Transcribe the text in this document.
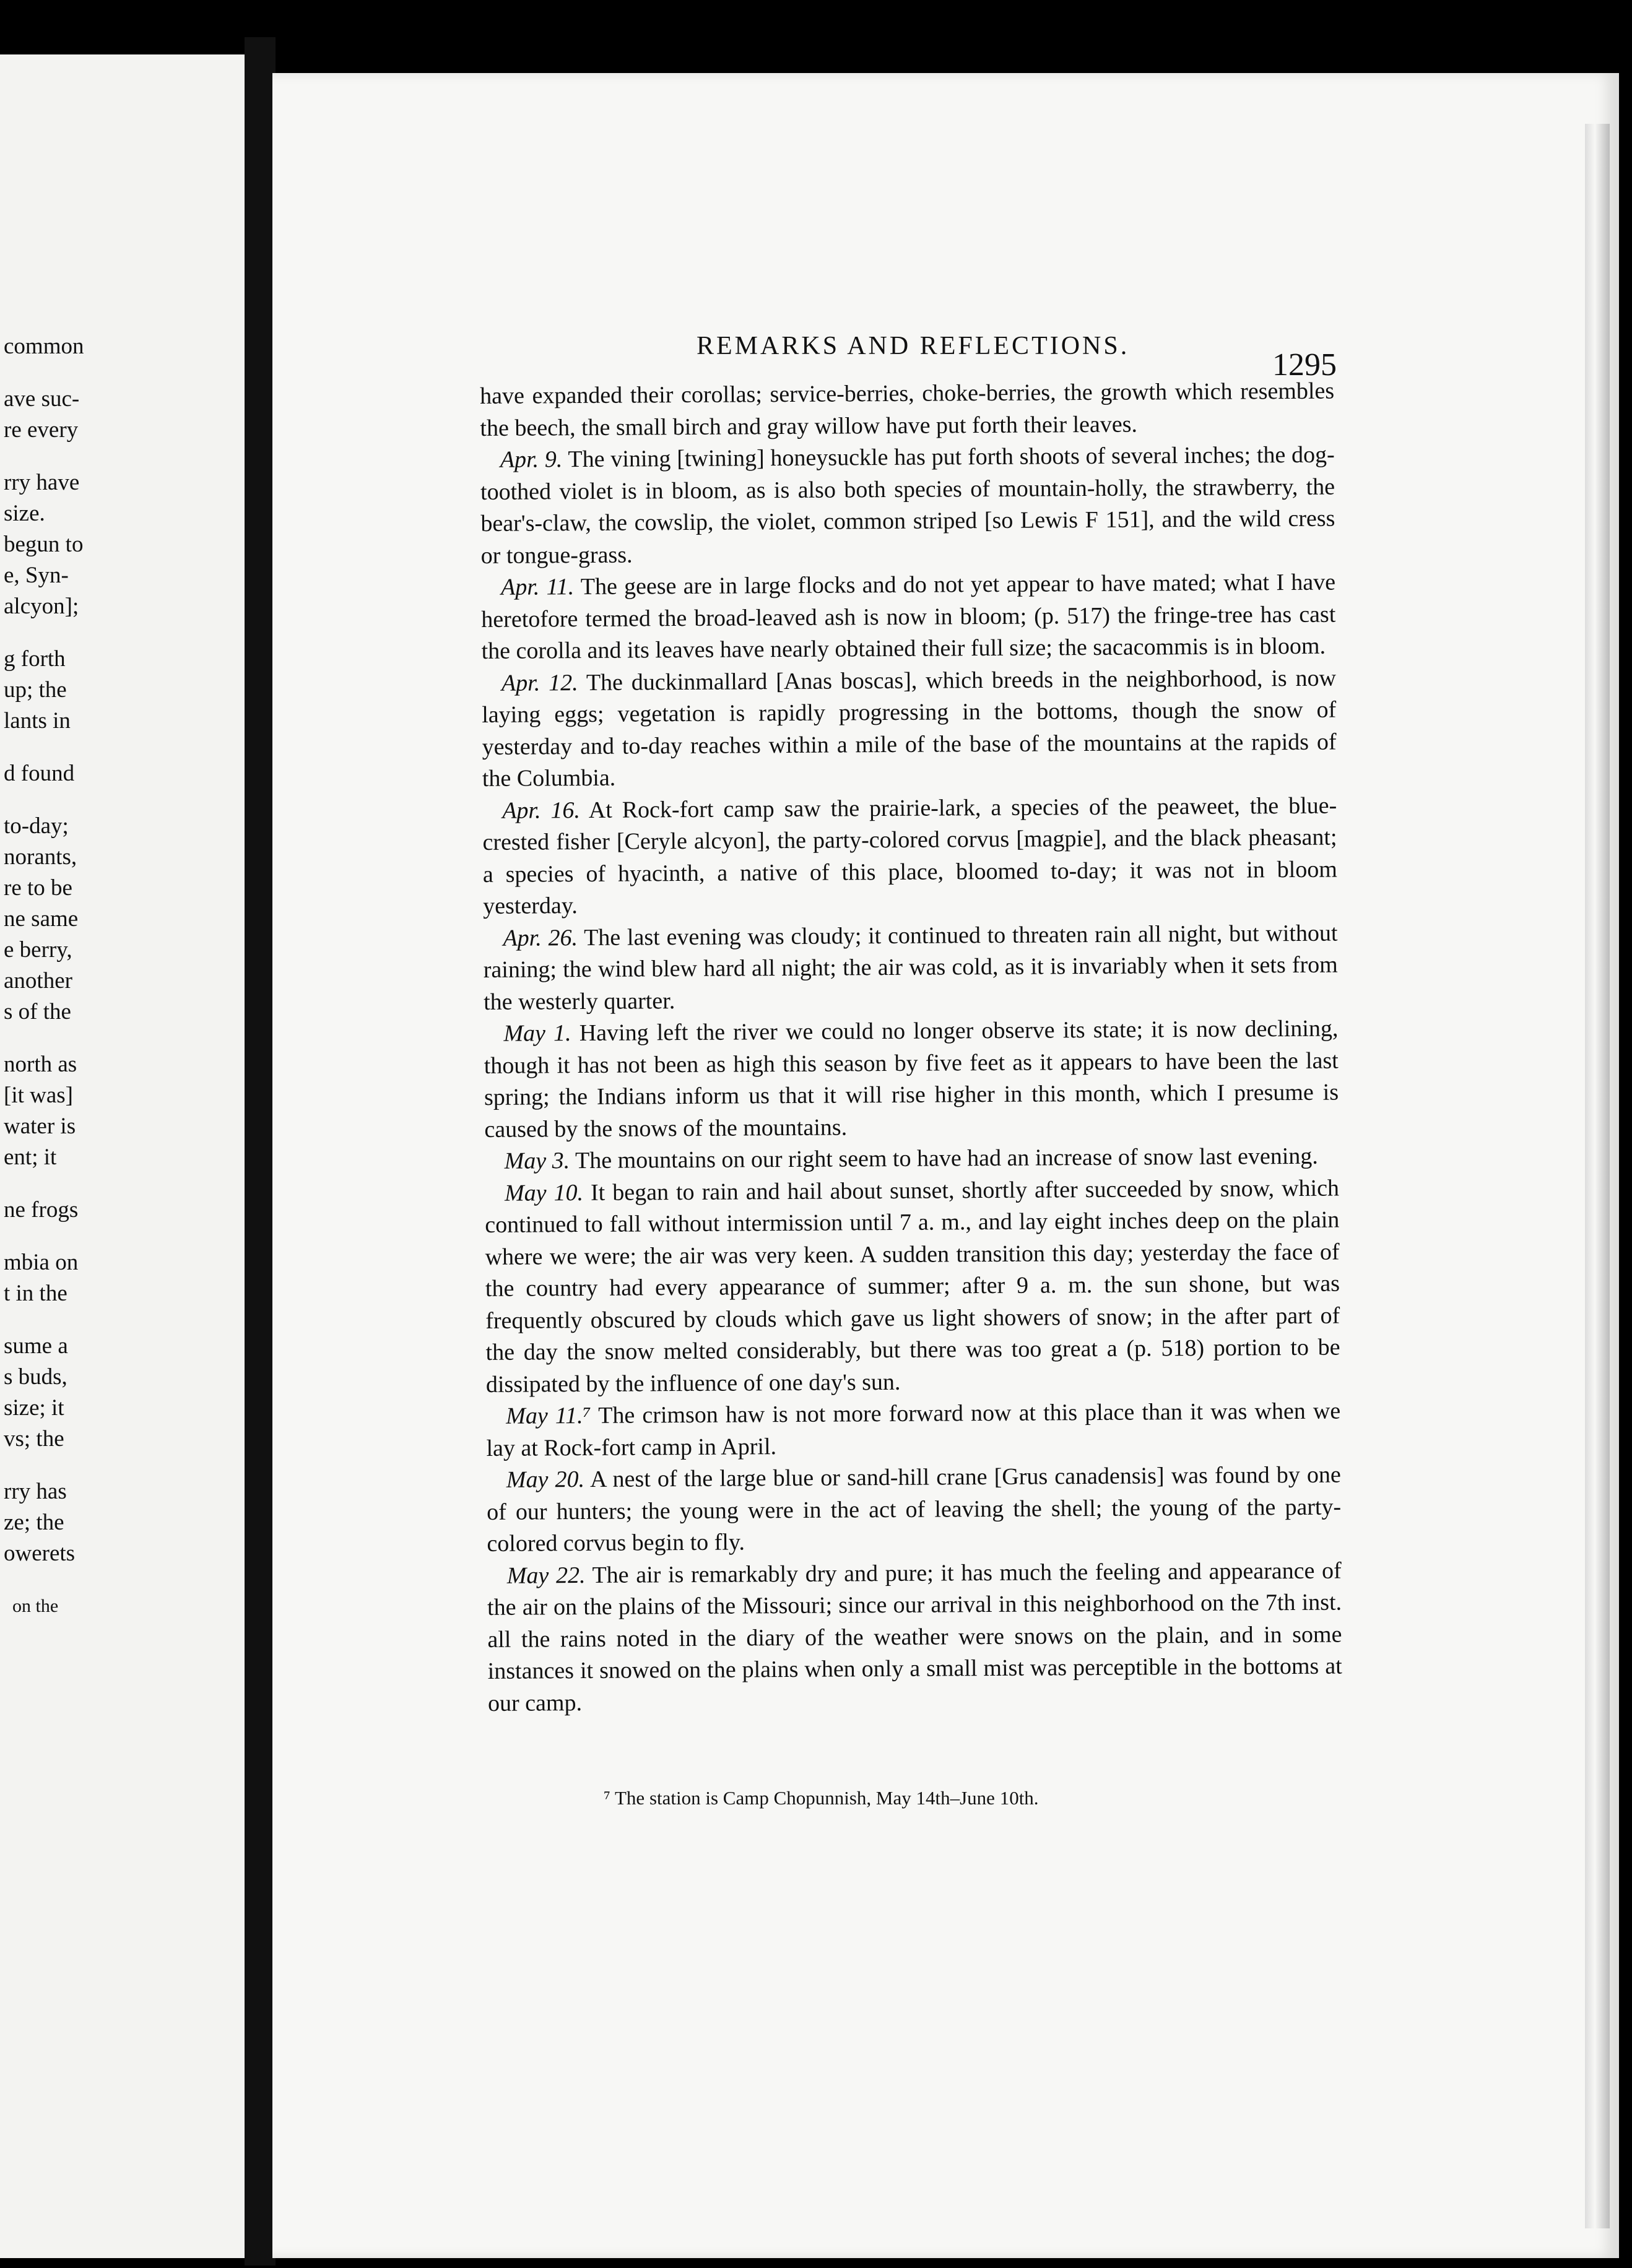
common
ave suc-
re every
rry have
size.
begun to
e, Syn-
alcyon];
g forth
up; the
lants in
d found
to-day;
norants,
re to be
ne same
e berry,
another
s of the
north as
[it was]
water is
ent; it
ne frogs
mbia on
t in the
sume a
s buds,
size; it
vs; the
rry has
ze; the
owerets
on the
REMARKS AND REFLECTIONS.
1295

have expanded their corollas; service-berries, choke-berries, the growth which resembles the beech, the small birch and gray willow have put forth their leaves.

Apr. 9. The vining [twining] honeysuckle has put forth shoots of several inches; the dog-toothed violet is in bloom, as is also both species of mountain-holly, the strawberry, the bear's-claw, the cowslip, the violet, common striped [so Lewis F 151], and the wild cress or tongue-grass.

Apr. 11. The geese are in large flocks and do not yet appear to have mated; what I have heretofore termed the broad-leaved ash is now in bloom; (p. 517) the fringe-tree has cast the corolla and its leaves have nearly obtained their full size; the sacacommis is in bloom.

Apr. 12. The duckinmallard [Anas boscas], which breeds in the neighborhood, is now laying eggs; vegetation is rapidly progressing in the bottoms, though the snow of yesterday and to-day reaches within a mile of the base of the mountains at the rapids of the Columbia.

Apr. 16. At Rock-fort camp saw the prairie-lark, a species of the peaweet, the blue-crested fisher [Ceryle alcyon], the party-colored corvus [magpie], and the black pheasant; a species of hyacinth, a native of this place, bloomed to-day; it was not in bloom yesterday.

Apr. 26. The last evening was cloudy; it continued to threaten rain all night, but without raining; the wind blew hard all night; the air was cold, as it is invariably when it sets from the westerly quarter.

May 1. Having left the river we could no longer observe its state; it is now declining, though it has not been as high this season by five feet as it appears to have been the last spring; the Indians inform us that it will rise higher in this month, which I presume is caused by the snows of the mountains.

May 3. The mountains on our right seem to have had an increase of snow last evening.

May 10. It began to rain and hail about sunset, shortly after succeeded by snow, which continued to fall without intermission until 7 a. m., and lay eight inches deep on the plain where we were; the air was very keen. A sudden transition this day; yesterday the face of the country had every appearance of summer; after 9 a. m. the sun shone, but was frequently obscured by clouds which gave us light showers of snow; in the after part of the day the snow melted considerably, but there was too great a (p. 518) portion to be dissipated by the influence of one day's sun.

May 11.⁷ The crimson haw is not more forward now at this place than it was when we lay at Rock-fort camp in April.

May 20. A nest of the large blue or sand-hill crane [Grus canadensis] was found by one of our hunters; the young were in the act of leaving the shell; the young of the party-colored corvus begin to fly.

May 22. The air is remarkably dry and pure; it has much the feeling and appearance of the air on the plains of the Missouri; since our arrival in this neighborhood on the 7th inst. all the rains noted in the diary of the weather were snows on the plain, and in some instances it snowed on the plains when only a small mist was perceptible in the bottoms at our camp.

⁷ The station is Camp Chopunnish, May 14th–June 10th.
